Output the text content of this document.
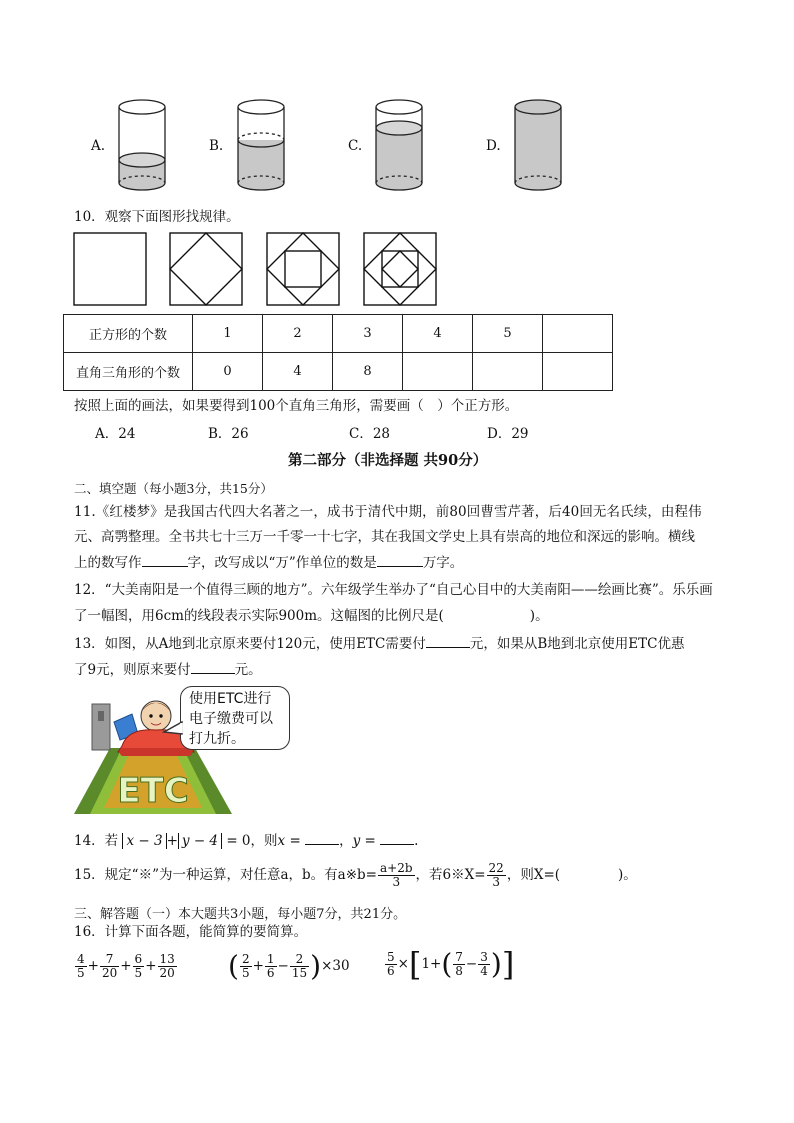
A.	B.	C.	D.
10．观察下面图形找规律。
正方形的个数	1	2	3	4	5	
直角三角形的个数	0	4	8			
按照上面的画法，如果要得到100个直角三角形，需要画（　）个正方形。
A．24	B．26	C．28	D．29
第二部分（非选择题 共90分）
二、填空题（每小题3分，共15分）
11.《红楼梦》是我国古代四大名著之一，成书于清代中期，前80回曹雪芹著，后40回无名氏续，由程伟
元、高鹗整理。全书共七十三万一千零一十七字，其在我国文学史上具有崇高的地位和深远的影响。横线
上的数写作	字，改写成以“万”作单位的数是	万字。
12．“大美南阳是一个值得三顾的地方”。六年级学生举办了“自己心目中的大美南阳——绘画比赛”。乐乐画
了一幅图，用6cm的线段表示实际900m。这幅图的比例尺是(	)。
13．如图，从A地到北京原来要付120元，使用ETC需要付	元，如果从B地到北京使用ETC优惠
了9元，则原来要付	元。
ETC
使用ETC进行
电子缴费可以
打九折。
14．若 x − 3 + y − 4 = 0，则x =	，y =	.
15．规定“※”为一种运算，对任意a，b。有a※b= $\frac{a+2b}{3}$ ，若6※X= $\frac{22}{3}$ ，则X=(	)。
三、解答题（一）本大题共3小题，每小题7分，共21分。
16．计算下面各题，能简算的要简算。
$\frac{4}{5} + \frac{7}{20} + \frac{6}{5} + \frac{13}{20}$ ( $\frac{2}{5} + \frac{1}{6} - \frac{2}{15} )\times 30$	$\frac{5}{6} \times[1+( \frac{7}{8} - \frac{3}{4}$ )]
